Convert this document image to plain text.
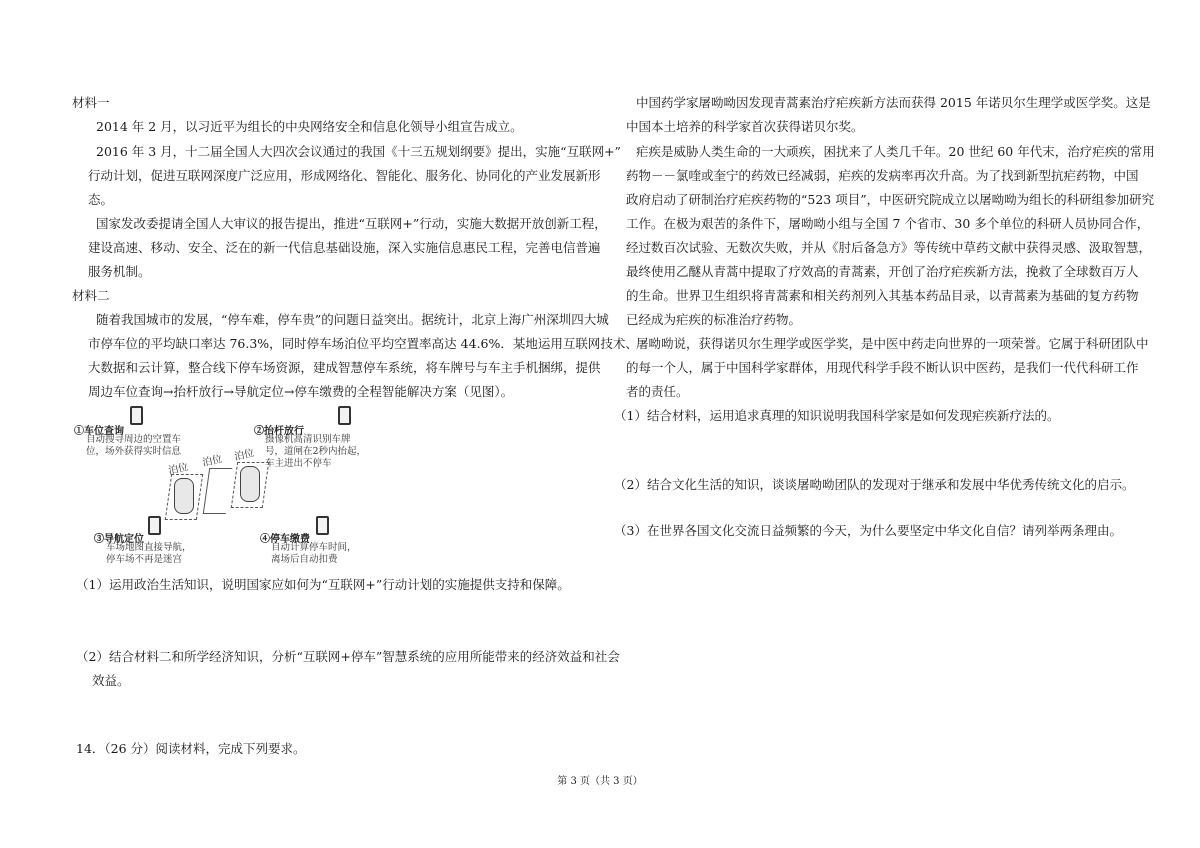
材料一
2014 年 2 月，以习近平为组长的中央网络安全和信息化领导小组宣告成立。
2016 年 3 月，十二届全国人大四次会议通过的我国《十三五规划纲要》提出，实施“互联网+”
行动计划，促进互联网深度广泛应用，形成网络化、智能化、服务化、协同化的产业发展新形
态。
国家发改委提请全国人大审议的报告提出，推进“互联网+”行动，实施大数据开放创新工程，
建设高速、移动、安全、泛在的新一代信息基础设施，深入实施信息惠民工程，完善电信普遍
服务机制。
材料二
随着我国城市的发展，“停车难，停车贵”的问题日益突出。据统计，北京上海广州深圳四大城
市停车位的平均缺口率达 76.3%，同时停车场泊位平均空置率高达 44.6%．某地运用互联网技术、
大数据和云计算，整合线下停车场资源，建成智慧停车系统，将车牌号与车主手机捆绑，提供
周边车位查询→抬杆放行→导航定位→停车缴费的全程智能解决方案（见图）。
①车位查询
自动搜寻周边的空置车
位，场外获得实时信息
②抬杆放行
摄像机高清识别车牌
号，道闸在2秒内抬起，
车主进出不停车
泊位
泊位 泊位
③导航定位
车场地图直接导航，
停车场不再是迷宫
④停车缴费
自动计算停车时间，
离场后自动扣费
（1）运用政治生活知识，说明国家应如何为“互联网+”行动计划的实施提供支持和保障。
（2）结合材料二和所学经济知识，分析“互联网+停车”智慧系统的应用所能带来的经济效益和社会
效益。
14．（26 分）阅读材料，完成下列要求。
中国药学家屠呦呦因发现青蒿素治疗疟疾新方法而获得 2015 年诺贝尔生理学或医学奖。这是
中国本土培养的科学家首次获得诺贝尔奖。
疟疾是威胁人类生命的一大顽疾，困扰来了人类几千年。20 世纪 60 年代末，治疗疟疾的常用
药物－－氯喹或奎宁的药效已经减弱，疟疾的发病率再次升高。为了找到新型抗疟药物，中国
政府启动了研制治疗疟疾药物的“523 项目”，中医研究院成立以屠呦呦为组长的科研组参加研究
工作。在极为艰苦的条件下，屠呦呦小组与全国 7 个省市、30 多个单位的科研人员协同合作，
经过数百次试验、无数次失败，并从《肘后备急方》等传统中草药文献中获得灵感、汲取智慧，
最终使用乙醚从青蒿中提取了疗效高的青蒿素，开创了治疗疟疾新方法，挽救了全球数百万人
的生命。世界卫生组织将青蒿素和相关药剂列入其基本药品目录，以青蒿素为基础的复方药物
已经成为疟疾的标准治疗药物。
屠呦呦说，获得诺贝尔生理学或医学奖，是中医中药走向世界的一项荣誉。它属于科研团队中
的每一个人，属于中国科学家群体，用现代科学手段不断认识中医药，是我们一代代科研工作
者的责任。
（1）结合材料，运用追求真理的知识说明我国科学家是如何发现疟疾新疗法的。
（2）结合文化生活的知识，谈谈屠呦呦团队的发现对于继承和发展中华优秀传统文化的启示。
（3）在世界各国文化交流日益频繁的今天，为什么要坚定中华文化自信？请列举两条理由。
第 3 页（共 3 页）
